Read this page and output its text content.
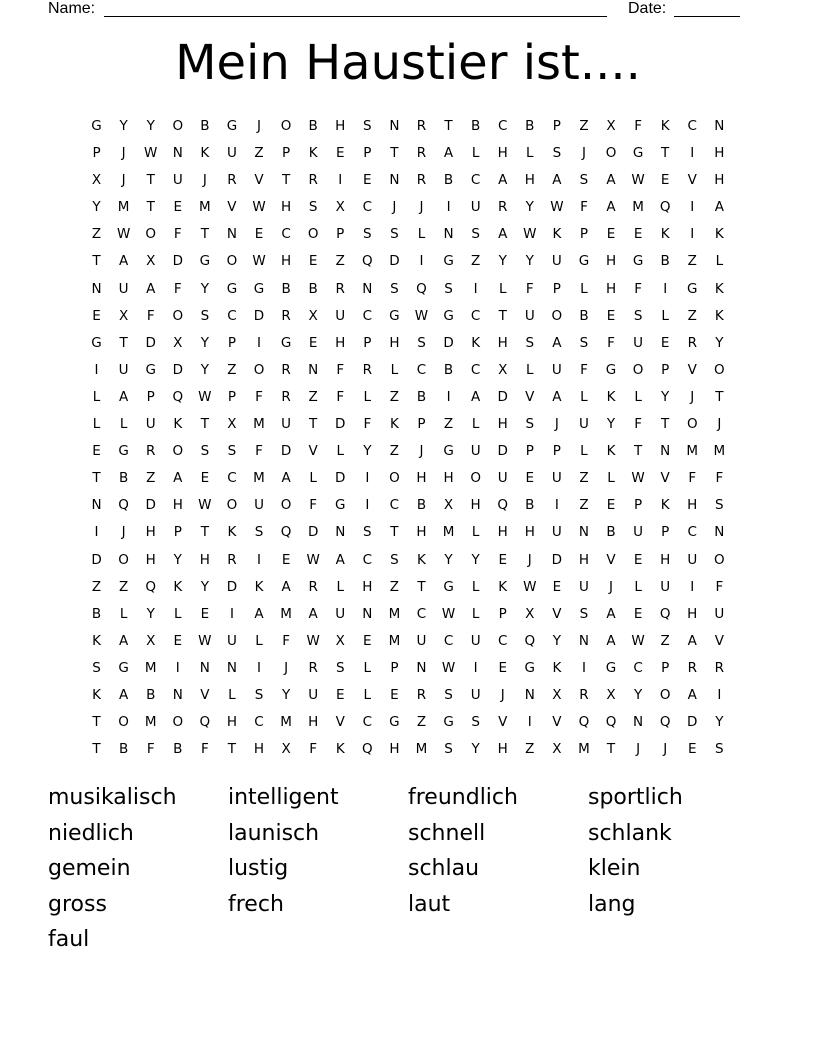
Name:	Date:
Mein Haustier ist....
G	Y	Y	O	B	G	J	O	B	H	S	N	R	T	B	C	B	P	Z	X	F	K	C	N
P	J	W	N	K	U	Z	P	K	E	P	T	R	A	L	H	L	S	J	O	G	T	I	H
X	J	T	U	J	R	V	T	R	I	E	N	R	B	C	A	H	A	S	A	W	E	V	H
Y	M	T	E	M	V	W	H	S	X	C	J	J	I	U	R	Y	W	F	A	M	Q	I	A
Z	W	O	F	T	N	E	C	O	P	S	S	L	N	S	A	W	K	P	E	E	K	I	K
T	A	X	D	G	O	W	H	E	Z	Q	D	I	G	Z	Y	Y	U	G	H	G	B	Z	L
N	U	A	F	Y	G	G	B	B	R	N	S	Q	S	I	L	F	P	L	H	F	I	G	K
E	X	F	O	S	C	D	R	X	U	C	G	W	G	C	T	U	O	B	E	S	L	Z	K
G	T	D	X	Y	P	I	G	E	H	P	H	S	D	K	H	S	A	S	F	U	E	R	Y
I	U	G	D	Y	Z	O	R	N	F	R	L	C	B	C	X	L	U	F	G	O	P	V	O
L	A	P	Q	W	P	F	R	Z	F	L	Z	B	I	A	D	V	A	L	K	L	Y	J	T
L	L	U	K	T	X	M	U	T	D	F	K	P	Z	L	H	S	J	U	Y	F	T	O	J
E	G	R	O	S	S	F	D	V	L	Y	Z	J	G	U	D	P	P	L	K	T	N	M	M
T	B	Z	A	E	C	M	A	L	D	I	O	H	H	O	U	E	U	Z	L	W	V	F	F
N	Q	D	H	W	O	U	O	F	G	I	C	B	X	H	Q	B	I	Z	E	P	K	H	S
I	J	H	P	T	K	S	Q	D	N	S	T	H	M	L	H	H	U	N	B	U	P	C	N
D	O	H	Y	H	R	I	E	W	A	C	S	K	Y	Y	E	J	D	H	V	E	H	U	O
Z	Z	Q	K	Y	D	K	A	R	L	H	Z	T	G	L	K	W	E	U	J	L	U	I	F
B	L	Y	L	E	I	A	M	A	U	N	M	C	W	L	P	X	V	S	A	E	Q	H	U
K	A	X	E	W	U	L	F	W	X	E	M	U	C	U	C	Q	Y	N	A	W	Z	A	V
S	G	M	I	N	N	I	J	R	S	L	P	N	W	I	E	G	K	I	G	C	P	R	R
K	A	B	N	V	L	S	Y	U	E	L	E	R	S	U	J	N	X	R	X	Y	O	A	I
T	O	M	O	Q	H	C	M	H	V	C	G	Z	G	S	V	I	V	Q	Q	N	Q	D	Y
T	B	F	B	F	T	H	X	F	K	Q	H	M	S	Y	H	Z	X	M	T	J	J	E	S
musikalisch	intelligent	freundlich	sportlich
niedlich	launisch	schnell	schlank
gemein	lustig	schlau	klein
gross	frech	laut	lang
faul
